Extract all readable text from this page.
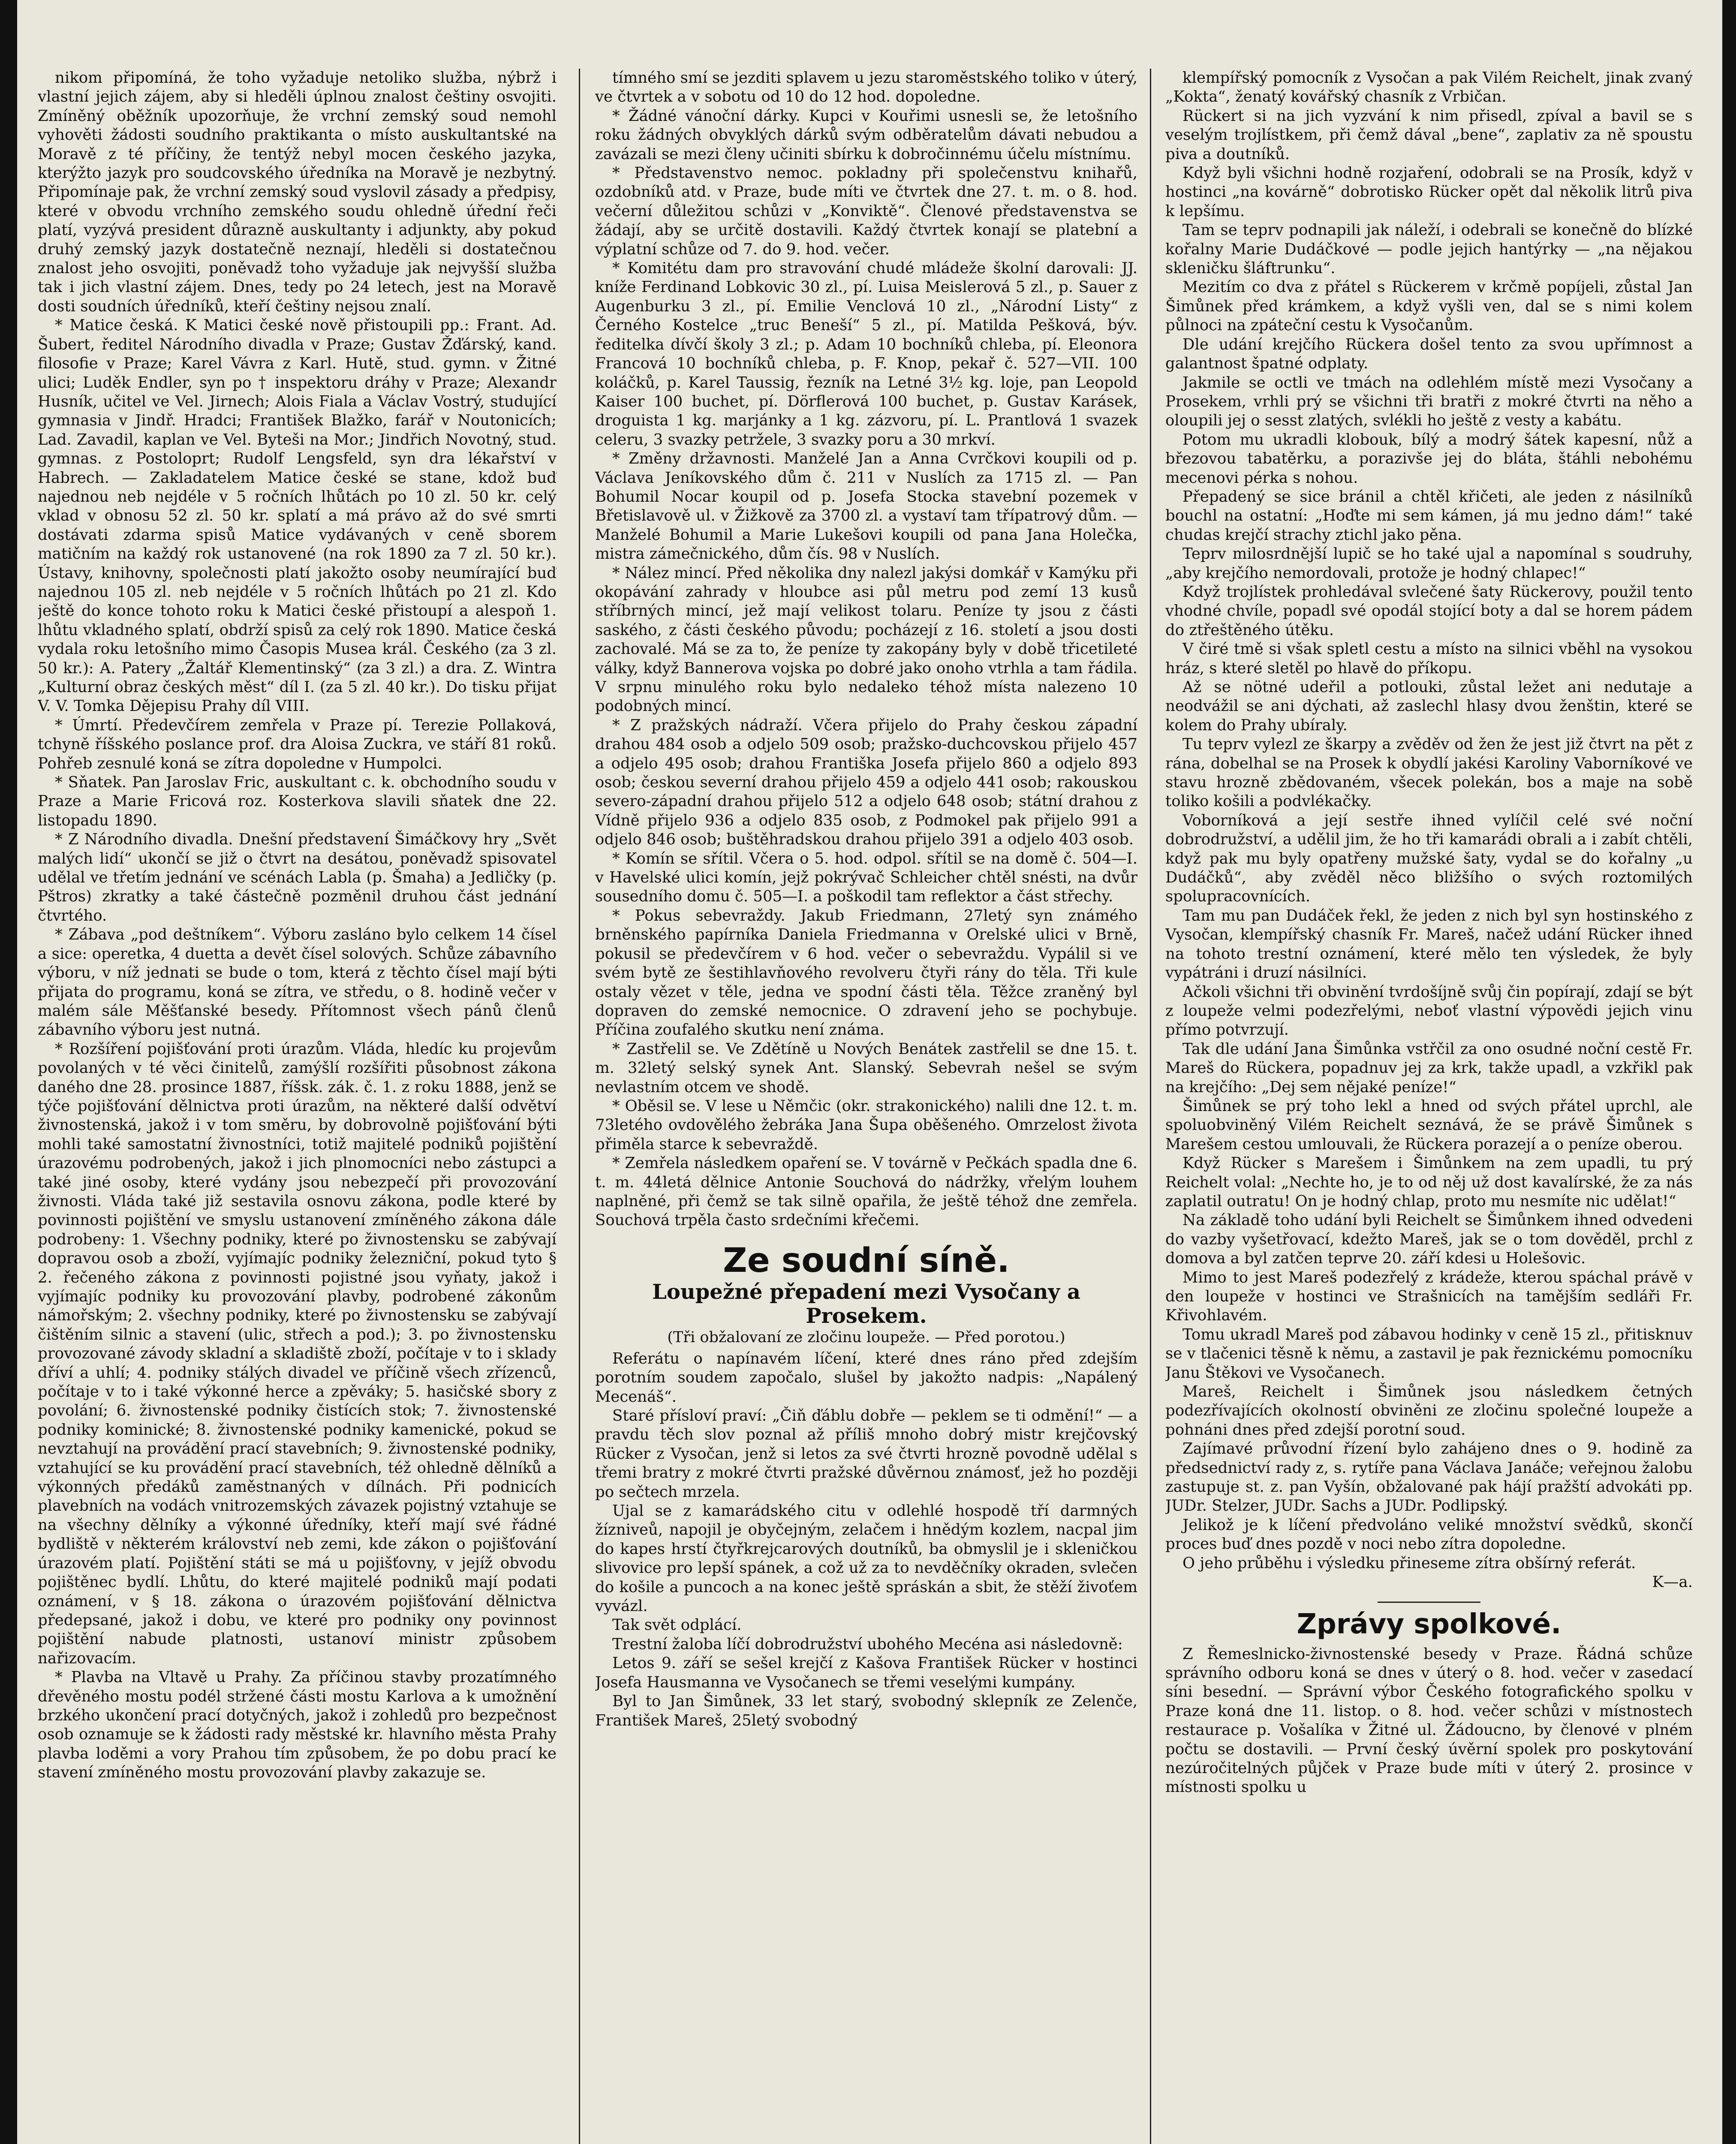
nikom připomíná, že toho vyžaduje netoliko služba, nýbrž i vlastní jejich zájem, aby si hleděli úplnou znalost češtiny osvojiti. Zmíněný oběžník upozorňuje, že vrchní zemský soud nemohl vyhověti žádosti soudního praktikanta o místo auskultantské na Moravě z té příčiny, že tentýž nebyl mocen českého jazyka, kterýžto jazyk pro soudcovského úředníka na Moravě je nezbytný. Připomínaje pak, že vrchní zemský soud vyslovil zásady a předpisy, které v obvodu vrchního zemského soudu ohledně úřední řeči platí, vyzývá president důrazně auskultanty i adjunkty, aby pokud druhý zemský jazyk dostatečně neznají, hleděli si dostatečnou znalost jeho osvojiti, poněvadž toho vyžaduje jak nejvyšší služba tak i jich vlastní zájem. Dnes, tedy po 24 letech, jest na Moravě dosti soudních úředníků, kteří češtiny nejsou znalí.

* Matice česká. K Matici české nově přistoupili pp.: Frant. Ad. Šubert, ředitel Národního divadla v Praze; Gustav Žďárský, kand. filosofie v Praze; Karel Vávra z Karl. Hutě, stud. gymn. v Žitné ulici; Luděk Endler, syn po † inspektoru dráhy v Praze; Alexandr Husník, učitel ve Vel. Jirnech; Alois Fiala a Václav Vostrý, studující gymnasia v Jindř. Hradci; František Blažko, farář v Noutonicích; Lad. Zavadil, kaplan ve Vel. Byteši na Mor.; Jindřich Novotný, stud. gymnas. z Postoloprt; Rudolf Lengsfeld, syn dra lékařství v Habrech. — Zakladatelem Matice české se stane, kdož buď najednou neb nejdéle v 5 ročních lhůtách po 10 zl. 50 kr. celý vklad v obnosu 52 zl. 50 kr. splatí a má právo až do své smrti dostávati zdarma spisů Matice vydávaných v ceně sborem matičním na každý rok ustanovené (na rok 1890 za 7 zl. 50 kr.). Ústavy, knihovny, společnosti platí jakožto osoby neumírající buď najednou 105 zl. neb nejdéle v 5 ročních lhůtách po 21 zl. Kdo ještě do konce tohoto roku k Matici české přistoupí a alespoň 1. lhůtu vkladného splatí, obdrží spisů za celý rok 1890. Matice česká vydala roku letošního mimo Časopis Musea král. Českého (za 3 zl. 50 kr.): A. Patery „Žaltář Klementinský“ (za 3 zl.) a dra. Z. Wintra „Kulturní obraz českých měst“ díl I. (za 5 zl. 40 kr.). Do tisku přijat V. V. Tomka Dějepisu Prahy díl VIII.

* Úmrtí. Předevčírem zemřela v Praze pí. Terezie Pollaková, tchyně říšského poslance prof. dra Aloisa Zuckra, ve stáří 81 roků. Pohřeb zesnulé koná se zítra dopoledne v Humpolci.

* Sňatek. Pan Jaroslav Fric, auskultant c. k. obchodního soudu v Praze a Marie Fricová roz. Kosterkova slavili sňatek dne 22. listopadu 1890.

* Z Národního divadla. Dnešní představení Šimáčkovy hry „Svět malých lidí“ ukončí se již o čtvrt na desátou, poněvadž spisovatel udělal ve třetím jednání ve scénách Labla (p. Šmaha) a Jedličky (p. Pštros) zkratky a také částečně pozměnil druhou část jednání čtvrtého.

* Zábava „pod deštníkem“. Výboru zasláno bylo celkem 14 čísel a sice: operetka, 4 duetta a devět čísel solových. Schůze zábavního výboru, v níž jednati se bude o tom, která z těchto čísel mají býti přijata do programu, koná se zítra, ve středu, o 8. hodině večer v malém sále Měšťanské besedy. Přítomnost všech pánů členů zábavního výboru jest nutná.

* Rozšíření pojišťování proti úrazům. Vláda, hledíc ku projevům povolaných v té věci činitelů, zamýšlí rozšířiti působnost zákona daného dne 28. prosince 1887, říšsk. zák. č. 1. z roku 1888, jenž se týče pojišťování dělnictva proti úrazům, na některé další odvětví živnostenská, jakož i v tom směru, by dobrovolně pojišťování býti mohli také samostatní živnostníci, totiž majitelé podniků pojištění úrazovému podrobených, jakož i jich plnomocníci nebo zástupci a také jiné osoby, které vydány jsou nebezpečí při provozování živnosti. Vláda také již sestavila osnovu zákona, podle které by povinnosti pojištění ve smyslu ustanovení zmíněného zákona dále podrobeny: 1. Všechny podniky, které po živnostensku se zabývají dopravou osob a zboží, vyjímajíc podniky železniční, pokud tyto § 2. řečeného zákona z povinnosti pojistné jsou vyňaty, jakož i vyjímajíc podniky ku provozování plavby, podrobené zákonům námořským; 2. všechny podniky, které po živnostensku se zabývají čištěním silnic a stavení (ulic, střech a pod.); 3. po živnostensku provozované závody skladní a skladiště zboží, počítaje v to i sklady dříví a uhlí; 4. podniky stálých divadel ve příčině všech zřízenců, počítaje v to i také výkonné herce a zpěváky; 5. hasičské sbory z povolání; 6. živnostenské podniky čistících stok; 7. živnostenské podniky kominické; 8. živnostenské podniky kamenické, pokud se nevztahují na provádění prací stavebních; 9. živnostenské podniky, vztahující se ku provádění prací stavebních, též ohledně dělníků a výkonných předáků zaměstnaných v dílnách. Při podnicích plavebních na vodách vnitrozemských závazek pojistný vztahuje se na všechny dělníky a výkonné úředníky, kteří mají své řádné bydliště v některém království neb zemi, kde zákon o pojišťování úrazovém platí. Pojištění státi se má u pojišťovny, v jejíž obvodu pojištěnec bydlí. Lhůtu, do které majitelé podniků mají podati oznámení, v § 18. zákona o úrazovém pojišťování dělnictva předepsané, jakož i dobu, ve které pro podniky ony povinnost pojištění nabude platnosti, ustanoví ministr způsobem nařizovacím.

* Plavba na Vltavě u Prahy. Za příčinou stavby prozatímného dřevěného mostu podél stržené části mostu Karlova a k umožnění brzkého ukončení prací dotyčných, jakož i zohledů pro bezpečnost osob oznamuje se k žádosti rady městské kr. hlavního města Prahy plavba loděmi a vory Prahou tím způsobem, že po dobu prací ke stavení zmíněného mostu provozování plavby zakazuje se.

tímného smí se jezditi splavem u jezu staroměstského toliko v úterý, ve čtvrtek a v sobotu od 10 do 12 hod. dopoledne.

* Žádné vánoční dárky. Kupci v Kouřimi usnesli se, že letošního roku žádných obvyklých dárků svým odběratelům dávati nebudou a zavázali se mezi členy učiniti sbírku k dobročinnému účelu místnímu.

* Představenstvo nemoc. pokladny při společenstvu knihařů, ozdobníků atd. v Praze, bude míti ve čtvrtek dne 27. t. m. o 8. hod. večerní důležitou schůzi v „Konviktě“. Členové představenstva se žádají, aby se určitě dostavili. Každý čtvrtek konají se platební a výplatní schůze od 7. do 9. hod. večer.

* Komitétu dam pro stravování chudé mládeže školní darovali: JJ. kníže Ferdinand Lobkovic 30 zl., pí. Luisa Meislerová 5 zl., p. Sauer z Augenburku 3 zl., pí. Emilie Venclová 10 zl., „Národní Listy“ z Černého Kostelce „truc Beneší“ 5 zl., pí. Matilda Pešková, býv. ředitelka dívčí školy 3 zl.; p. Adam 10 bochníků chleba, pí. Eleonora Francová 10 bochníků chleba, p. F. Knop, pekař č. 527—VII. 100 koláčků, p. Karel Taussig, řezník na Letné 3½ kg. loje, pan Leopold Kaiser 100 buchet, pí. Dörflerová 100 buchet, p. Gustav Karásek, droguista 1 kg. marjánky a 1 kg. zázvoru, pí. L. Prantlová 1 svazek celeru, 3 svazky petržele, 3 svazky poru a 30 mrkví.

* Změny državnosti. Manželé Jan a Anna Cvrčkovi koupili od p. Václava Jeníkovského dům č. 211 v Nuslích za 1715 zl. — Pan Bohumil Nocar koupil od p. Josefa Stocka stavební pozemek v Břetislavově ul. v Žižkově za 3700 zl. a vystaví tam třípatrový dům. — Manželé Bohumil a Marie Lukešovi koupili od pana Jana Holečka, mistra zámečnického, dům čís. 98 v Nuslích.

* Nález mincí. Před několika dny nalezl jakýsi domkář v Kamýku při okopávání zahrady v hloubce asi půl metru pod zemí 13 kusů stříbrných mincí, jež mají velikost tolaru. Peníze ty jsou z části saského, z části českého původu; pocházejí z 16. století a jsou dosti zachovalé. Má se za to, že peníze ty zakopány byly v době třicetileté války, když Bannerova vojska po dobré jako onoho vtrhla a tam řádila. V srpnu minulého roku bylo nedaleko téhož místa nalezeno 10 podobných mincí.

* Z pražských nádraží. Včera přijelo do Prahy českou západní drahou 484 osob a odjelo 509 osob; pražsko-duchcovskou přijelo 457 a odjelo 495 osob; drahou Františka Josefa přijelo 860 a odjelo 893 osob; českou severní drahou přijelo 459 a odjelo 441 osob; rakouskou severo-západní drahou přijelo 512 a odjelo 648 osob; státní drahou z Vídně přijelo 936 a odjelo 835 osob, z Podmokel pak přijelo 991 a odjelo 846 osob; buštěhradskou drahou přijelo 391 a odjelo 403 osob.

* Komín se sřítil. Včera o 5. hod. odpol. sřítil se na domě č. 504—I. v Havelské ulici komín, jejž pokrývač Schleicher chtěl snésti, na dvůr sousedního domu č. 505—I. a poškodil tam reflektor a část střechy.

* Pokus sebevraždy. Jakub Friedmann, 27letý syn známého brněnského papírníka Daniela Friedmanna v Orelské ulici v Brně, pokusil se předevčírem v 6 hod. večer o sebevraždu. Vypálil si ve svém bytě ze šestihlavňového revolveru čtyři rány do těla. Tři kule ostaly vězet v těle, jedna ve spodní části těla. Těžce zraněný byl dopraven do zemské nemocnice. O zdravení jeho se pochybuje. Příčina zoufalého skutku není známa.

* Zastřelil se. Ve Zdětíně u Nových Benátek zastřelil se dne 15. t. m. 32letý selský synek Ant. Slanský. Sebevrah nešel se svým nevlastním otcem ve shodě.

* Oběsil se. V lese u Němčic (okr. strakonického) nalili dne 12. t. m. 73letého ovdovělého žebráka Jana Šupa oběšeného. Omrzelost života přiměla starce k sebevraždě.

* Zemřela následkem opaření se. V továrně v Pečkách spadla dne 6. t. m. 44letá dělnice Antonie Souchová do nádržky, vřelým louhem naplněné, při čemž se tak silně opařila, že ještě téhož dne zemřela. Souchová trpěla často srdečními křečemi.

Ze soudní síně.

Loupežné přepadení mezi Vysočany a Prosekem.

(Tři obžalovaní ze zločinu loupeže. — Před porotou.)

Referátu o napínavém líčení, které dnes ráno před zdejším porotním soudem započalo, slušel by jakožto nadpis: „Napálený Mecenáš“.

Staré přísloví praví: „Čiň ďáblu dobře — peklem se ti odmění!“ — a pravdu těch slov poznal až příliš mnoho dobrý mistr krejčovský Rücker z Vysočan, jenž si letos za své čtvrti hrozně povodně udělal s třemi bratry z mokré čtvrti pražské důvěrnou známosť, jež ho později po sečtech mrzela.

Ujal se z kamarádského citu v odlehlé hospodě tří darmných žízniveů, napojil je obyčejným, zelačem i hnědým kozlem, nacpal jim do kapes hrstí čtyřkrejcarových doutníků, ba obmyslil je i skleničkou slivovice pro lepší spánek, a což už za to nevděčníky okraden, svlečen do košile a puncoch a na konec ještě spráskán a sbit, že stěží živoťem vyvázl.

Tak svět odplácí.

Trestní žaloba líčí dobrodružství ubohého Mecéna asi následovně:

Letos 9. září se sešel krejčí z Kašova František Rücker v hostinci Josefa Hausmanna ve Vysočanech se třemi veselými kumpány.

Byl to Jan Šimůnek, 33 let starý, svobodný sklepník ze Zelenče, František Mareš, 25letý svobodný

klempířský pomocník z Vysočan a pak Vilém Reichelt, jinak zvaný „Kokta“, ženatý kovářský chasník z Vrbičan.

Rückert si na jich vyzvání k nim přisedl, zpíval a bavil se s veselým trojlístkem, při čemž dával „bene“, zaplativ za ně spoustu piva a doutníků.

Když byli všichni hodně rozjaření, odobrali se na Prosík, když v hostinci „na kovárně“ dobrotisko Rücker opět dal několik litrů piva k lepšímu.

Tam se teprv podnapili jak náleží, i odebrali se konečně do blízké kořalny Marie Dudáčkové — podle jejich hantýrky — „na nějakou skleničku šláftrunku“.

Mezitím co dva z přátel s Rückerem v krčmě popíjeli, zůstal Jan Šimůnek před krámkem, a když vyšli ven, dal se s nimi kolem půlnoci na zpáteční cestu k Vysočanům.

Dle udání krejčího Rückera došel tento za svou upřímnost a galantnost špatné odplaty.

Jakmile se octli ve tmách na odlehlém místě mezi Vysočany a Prosekem, vrhli prý se všichni tři bratři z mokré čtvrti na něho a oloupili jej o sesst zlatých, svlékli ho ještě z vesty a kabátu.

Potom mu ukradli klobouk, bílý a modrý šátek kapesní, nůž a březovou tabatěrku, a porazivše jej do bláta, štáhli nebohému mecenovi pérka s nohou.

Přepadený se sice bránil a chtěl křičeti, ale jeden z násilníků bouchl na ostatní: „Hoďte mi sem kámen, já mu jedno dám!“ také chudas krejčí strachy ztichl jako pěna.

Teprv milosrdnější lupič se ho také ujal a napomínal s soudruhy, „aby krejčího nemordovali, protože je hodný chlapec!“

Když trojlístek prohledával svlečené šaty Rückerovy, použil tento vhodné chvíle, popadl své opodál stojící boty a dal se horem pádem do ztřeštěného útěku.

V čiré tmě si však spletl cestu a místo na silnici vběhl na vysokou hráz, s které sletěl po hlavě do příkopu.

Až se nötné udeřil a potlouki, zůstal ležet ani nedutaje a neodvážil se ani dýchati, až zaslechl hlasy dvou ženštin, které se kolem do Prahy ubíraly.

Tu teprv vylezl ze škarpy a zvěděv od žen že jest již čtvrt na pět z rána, dobelhal se na Prosek k obydlí jakési Karoliny Vaborníkové ve stavu hrozně zbědovaném, všecek polekán, bos a maje na sobě toliko košili a podvlékačky.

Voborníková a její sestře ihned vylíčil celé své noční dobrodružství, a udělil jim, že ho tři kamarádi obrali a i zabít chtěli, když pak mu byly opatřeny mužské šaty, vydal se do kořalny „u Dudáčků“, aby zvěděl něco bližšího o svých roztomilých spolupracovnících.

Tam mu pan Dudáček řekl, že jeden z nich byl syn hostinského z Vysočan, klempířský chasník Fr. Mareš, načež udání Rücker ihned na tohoto trestní oznámení, které mělo ten výsledek, že byly vypátráni i druzí násilníci.

Ačkoli všichni tři obvinění tvrdošíjně svůj čin popírají, zdají se být z loupeže velmi podezřelými, neboť vlastní výpovědi jejich vinu přímo potvrzují.

Tak dle udání Jana Šimůnka vstřčil za ono osudné noční cestě Fr. Mareš do Rückera, popadnuv jej za krk, takže upadl, a vzkřikl pak na krejčího: „Dej sem nějaké peníze!“

Šimůnek se prý toho lekl a hned od svých přátel uprchl, ale spoluobviněný Vilém Reichelt seznává, že se právě Šimůnek s Marešem cestou umlouvali, že Rückera porazejí a o peníze oberou.

Když Rücker s Marešem i Šimůnkem na zem upadli, tu prý Reichelt volal: „Nechte ho, je to od něj už dost kavalírské, že za nás zaplatil outratu! On je hodný chlap, proto mu nesmíte nic udělat!“

Na základě toho udání byli Reichelt se Šimůnkem ihned odvedeni do vazby vyšetřovací, kdežto Mareš, jak se o tom dověděl, prchl z domova a byl zatčen teprve 20. září kdesi u Holešovic.

Mimo to jest Mareš podezřelý z krádeže, kterou spáchal právě v den loupeže v hostinci ve Strašnicích na tamějším sedláři Fr. Křivohlavém.

Tomu ukradl Mareš pod zábavou hodinky v ceně 15 zl., přitisknuv se v tlačenici těsně k němu, a zastavil je pak řeznickému pomocníku Janu Štěkovi ve Vysočanech.

Mareš, Reichelt i Šimůnek jsou následkem četných podezřívajících okolností obviněni ze zločinu společné loupeže a pohnáni dnes před zdejší porotní soud.

Zajímavé průvodní řízení bylo zahájeno dnes o 9. hodině za předsednictví rady z, s. rytíře pana Václava Janáče; veřejnou žalobu zastupuje st. z. pan Vyšín, obžalované pak hájí pražští advokáti pp. JUDr. Stelzer, JUDr. Sachs a JUDr. Podlipský.

Jelikož je k líčení předvoláno veliké množství svědků, skončí proces buď dnes pozdě v noci nebo zítra dopoledne.

O jeho průběhu i výsledku přineseme zítra obšírný referát.

K—a.

Zprávy spolkové.

Z Řemeslnicko-živnostenské besedy v Praze. Řádná schůze správního odboru koná se dnes v úterý o 8. hod. večer v zasedací síni besední. — Správní výbor Českého fotografického spolku v Praze koná dne 11. listop. o 8. hod. večer schůzi v místnostech restaurace p. Vošalíka v Žitné ul. Žádoucno, by členové v plném počtu se dostavili. — První český úvěrní spolek pro poskytování nezúročitelných půjček v Praze bude míti v úterý 2. prosince v místnosti spolku u
